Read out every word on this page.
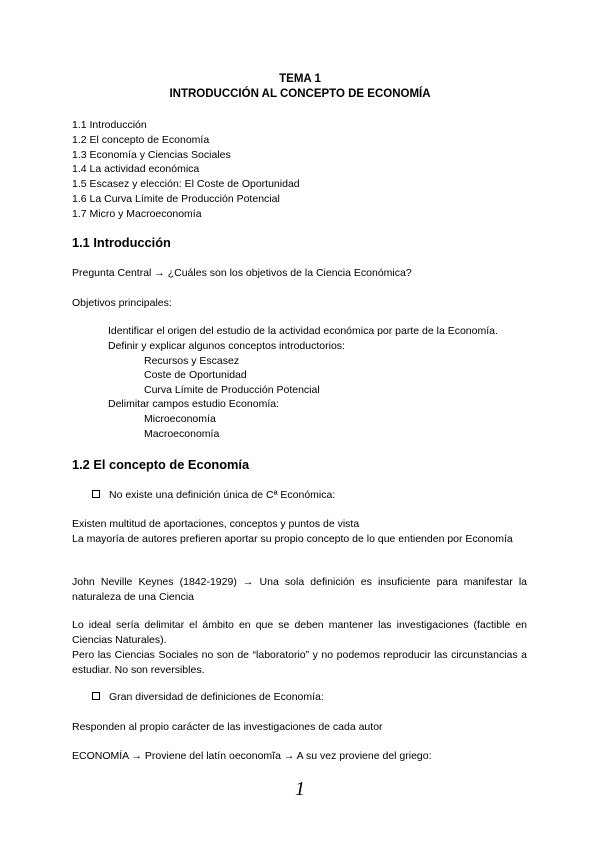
TEMA 1
INTRODUCCIÓN AL CONCEPTO DE ECONOMÍA
1.1 Introducción
1.2 El concepto de Economía
1.3 Economía y Ciencias Sociales
1.4 La actividad económica
1.5 Escasez y elección: El Coste de Oportunidad
1.6 La Curva Límite de Producción Potencial
1.7 Micro y Macroeconomía
1.1 Introducción
Pregunta Central → ¿Cuáles son los objetivos de la Ciencia Económica?
Objetivos principales:
Identificar el origen del estudio de la actividad económica por parte de la Economía.
Definir y explicar algunos conceptos introductorios:
Recursos y Escasez
Coste de Oportunidad
Curva Límite de Producción Potencial
Delimitar campos estudio Economía:
Microeconomía
Macroeconomía
1.2 El concepto de Economía
No existe una definición única de Cª Económica:
Existen multitud de aportaciones, conceptos y puntos de vista
La mayoría de autores prefieren aportar su propio concepto de lo que entienden por Economía
John Neville Keynes (1842-1929) → Una sola definición es insuficiente para manifestar la naturaleza de una Ciencia
Lo ideal sería delimitar el ámbito en que se deben mantener las investigaciones (factible en Ciencias Naturales).
Pero las Ciencias Sociales no son de “laboratorio” y no podemos reproducir las circunstancias a estudiar. No son reversibles.
Gran diversidad de definiciones de Economía:
Responden al propio carácter de las investigaciones de cada autor
ECONOMÍA → Proviene del latín oeconomĩa → A su vez proviene del griego:
1
